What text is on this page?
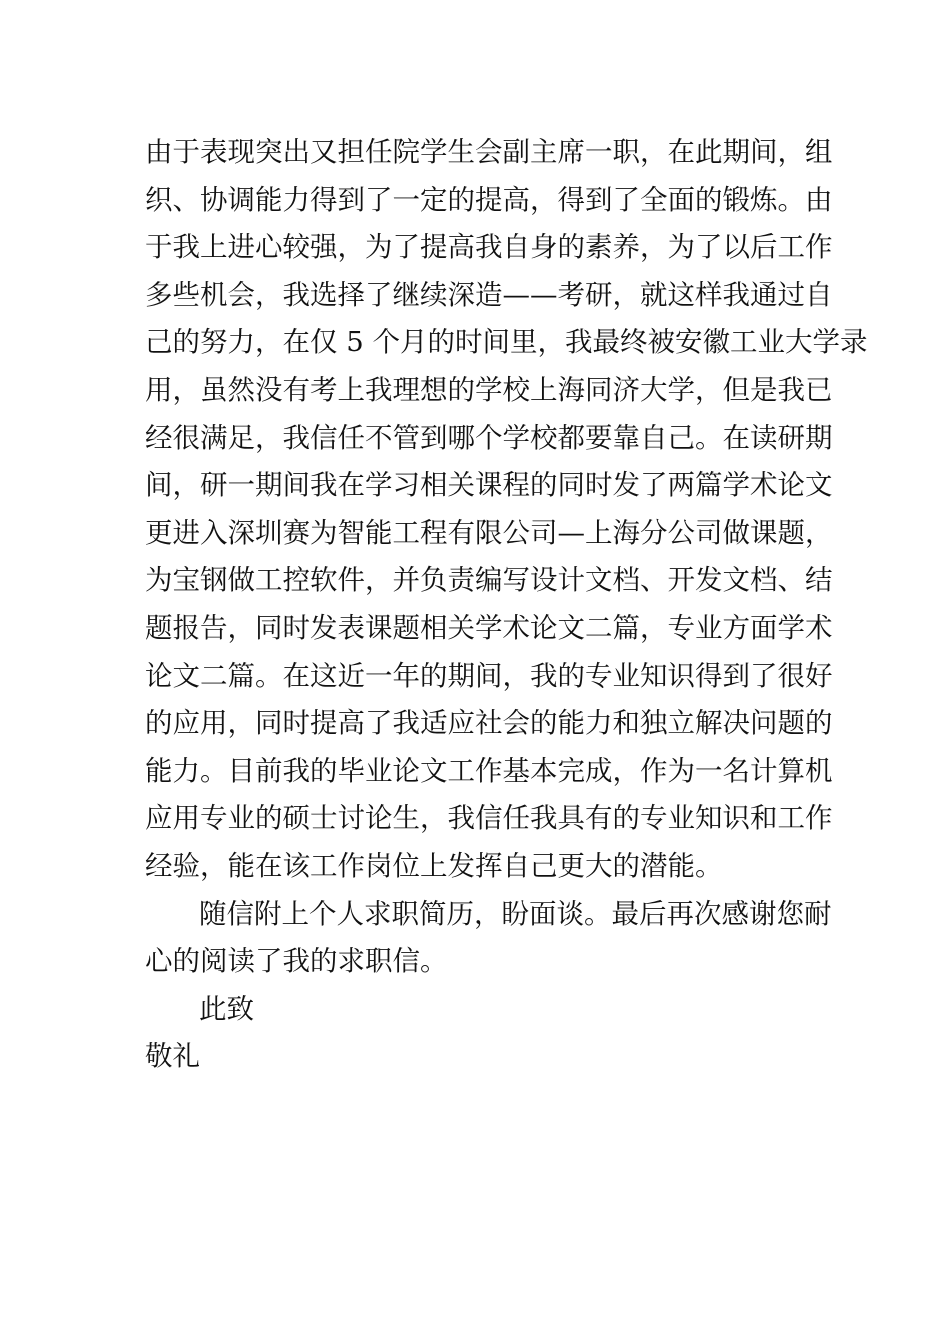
由于表现突出又担任院学生会副主席一职，在此期间，组
织、协调能力得到了一定的提高，得到了全面的锻炼。由
于我上进心较强，为了提高我自身的素养，为了以后工作
多些机会，我选择了继续深造——考研，就这样我通过自
己的努力，在仅 5 个月的时间里，我最终被安徽工业大学录
用，虽然没有考上我理想的学校上海同济大学，但是我已
经很满足，我信任不管到哪个学校都要靠自己。在读研期
间，研一期间我在学习相关课程的同时发了两篇学术论文
更进入深圳赛为智能工程有限公司—上海分公司做课题，
为宝钢做工控软件，并负责编写设计文档、开发文档、结
题报告，同时发表课题相关学术论文二篇，专业方面学术
论文二篇。在这近一年的期间，我的专业知识得到了很好
的应用，同时提高了我适应社会的能力和独立解决问题的
能力。目前我的毕业论文工作基本完成，作为一名计算机
应用专业的硕士讨论生，我信任我具有的专业知识和工作
经验，能在该工作岗位上发挥自己更大的潜能。
随信附上个人求职简历，盼面谈。最后再次感谢您耐
心的阅读了我的求职信。
此致
敬礼
